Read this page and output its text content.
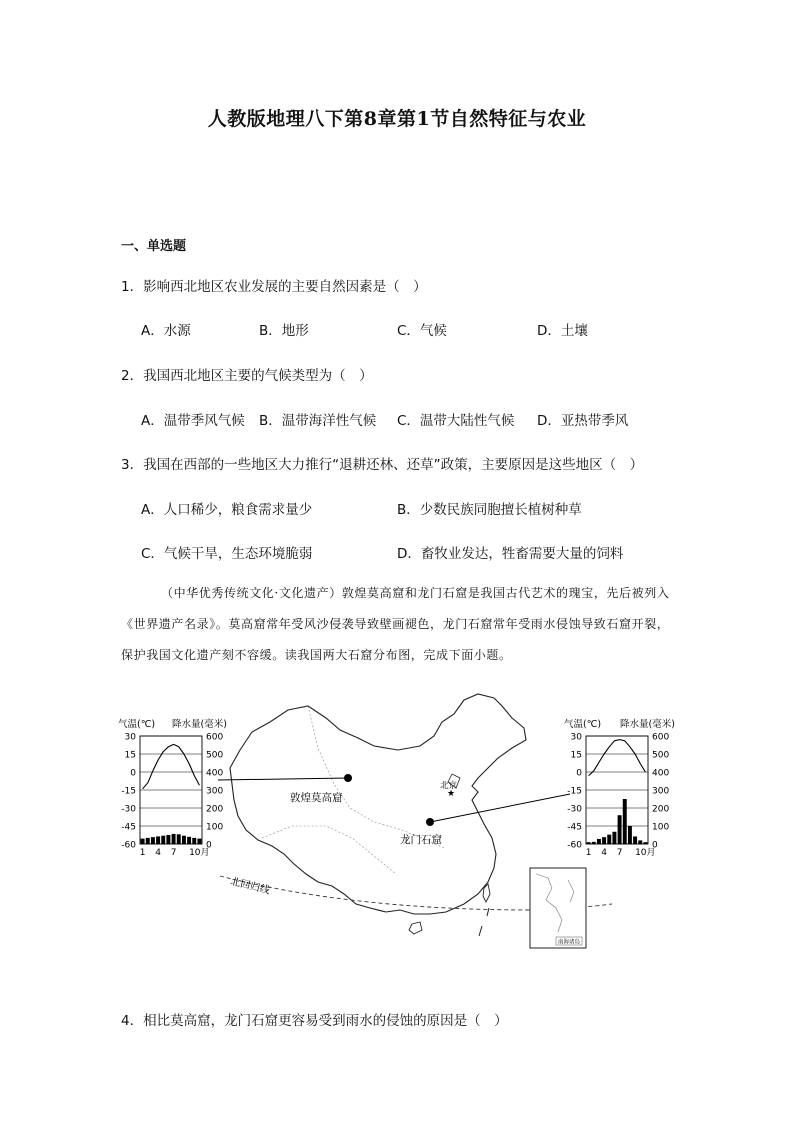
人教版地理八下第8章第1节自然特征与农业
一、单选题
1．影响西北地区农业发展的主要自然因素是（　）
A．水源	B．地形	C．气候	D．土壤
2．我国西北地区主要的气候类型为（　）
A．温带季风气候 B．温带海洋性气候 C．温带大陆性气候 D．亚热带季风
3．我国在西部的一些地区大力推行“退耕还林、还草”政策，主要原因是这些地区（　）
A．人口稀少，粮食需求量少	B．少数民族同胞擅长植树种草
C．气候干旱，生态环境脆弱	D．畜牧业发达，牲畜需要大量的饲料
（中华优秀传统文化·文化遗产）敦煌莫高窟和龙门石窟是我国古代艺术的瑰宝，先后被列入《世界遗产名录》。莫高窟常年受风沙侵袭导致壁画褪色，龙门石窟常年受雨水侵蚀导致石窟开裂，保护我国文化遗产刻不容缓。读我国两大石窟分布图，完成下面小题。
北回归线
★
北京
敦煌莫高窟
龙门石窟
南海诸岛
气温(℃) 降水量(毫米)
30
15
0
-15
-30
-45
-60
600
500
400
300
200
100
0
1 4 7 10月
气温(℃) 降水量(毫米)
30
15
0
-15
-30
-45
-60
600
500
400
300
200
100
0
1 4 7 10月
4．相比莫高窟，龙门石窟更容易受到雨水的侵蚀的原因是（　）
